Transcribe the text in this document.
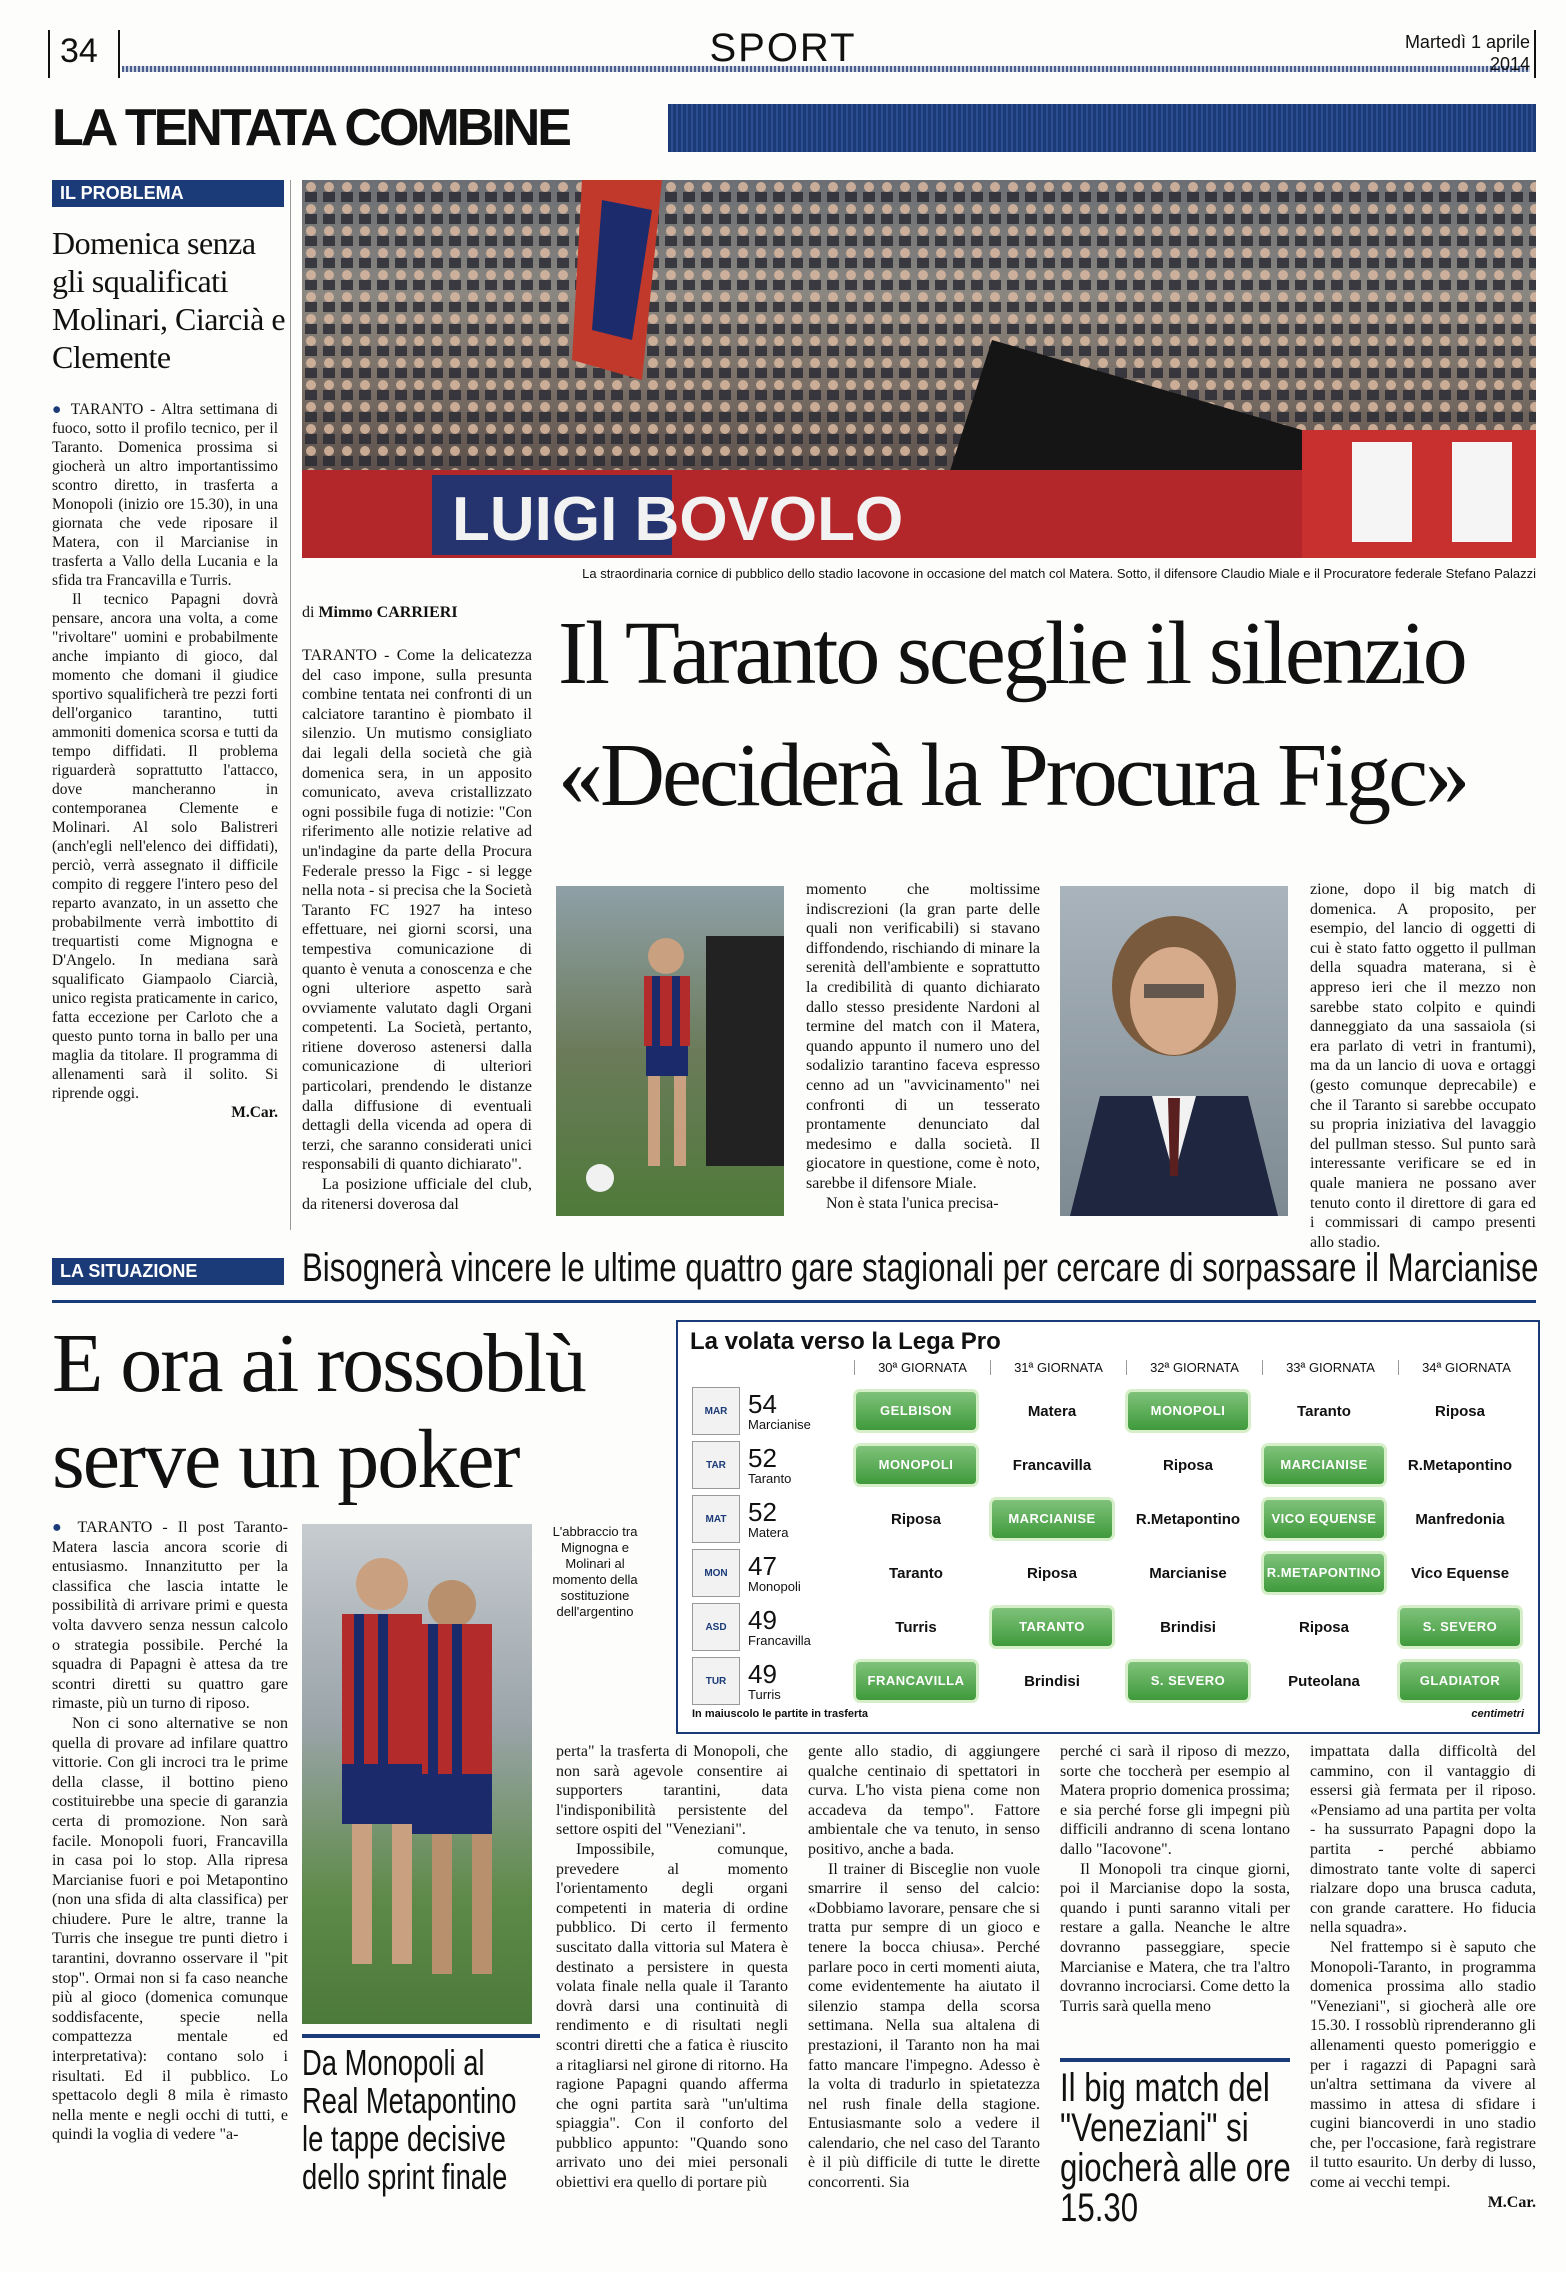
34	SPORT	Martedì 1 aprile
2014
LA TENTATA COMBINE
IL PROBLEMA
Domenica senza gli squalificati Molinari, Ciarcià e Clemente

● TARANTO - Altra settimana di fuoco, sotto il profilo tecnico, per il Taranto. Domenica prossima si giocherà un altro importantissimo scontro diretto, in trasferta a Monopoli (inizio ore 15.30), in una giornata che vede riposare il Matera, con il Marcianise in trasferta a Vallo della Lucania e la sfida tra Francavilla e Turris.

Il tecnico Papagni dovrà pensare, ancora una volta, a come "rivoltare" uomini e probabilmente anche impianto di gioco, dal momento che domani il giudice sportivo squalificherà tre pezzi forti dell'organico tarantino, tutti ammoniti domenica scorsa e tutti da tempo diffidati. Il problema riguarderà soprattutto l'attacco, dove mancheranno in contemporanea Clemente e Molinari. Al solo Balistreri (anch'egli nell'elenco dei diffidati), perciò, verrà assegnato il difficile compito di reggere l'intero peso del reparto avanzato, in un assetto che probabilmente verrà imbottito di trequartisti come Mignogna e D'Angelo. In mediana sarà squalificato Giampaolo Ciarcià, unico regista praticamente in carico, fatta eccezione per Carloto che a questo punto torna in ballo per una maglia da titolare. Il programma di allenamenti sarà il solito. Si riprende oggi.

M.Car.
LUIGI BOVOLO
La straordinaria cornice di pubblico dello stadio Iacovone in occasione del match col Matera. Sotto, il difensore Claudio Miale e il Procuratore federale Stefano Palazzi
di Mimmo CARRIERI Il Taranto sceglie il silenzio
«Deciderà la Procura Figc»

TARANTO - Come la delicatezza del caso impone, sulla presunta combine tentata nei confronti di un calciatore tarantino è piombato il silenzio. Un mutismo consigliato dai legali della società che già domenica sera, in un apposito comunicato, aveva cristallizzato ogni possibile fuga di notizie: "Con riferimento alle notizie relative ad un'indagine da parte della Procura Federale presso la Figc - si legge nella nota - si precisa che la Società Taranto FC 1927 ha inteso effettuare, nei giorni scorsi, una tempestiva comunicazione di quanto è venuta a conoscenza e che ogni ulteriore aspetto sarà ovviamente valutato dagli Organi competenti. La Società, pertanto, ritiene doveroso astenersi dalla comunicazione di ulteriori particolari, prendendo le distanze dalla diffusione di eventuali dettagli della vicenda ad opera di terzi, che saranno considerati unici responsabili di quanto dichiarato".

La posizione ufficiale del club, da ritenersi doverosa dal

momento che moltissime indiscrezioni (la gran parte delle quali non verificabili) si stavano diffondendo, rischiando di minare la serenità dell'ambiente e soprattutto la credibilità di quanto dichiarato dallo stesso presidente Nardoni al termine del match con il Matera, quando appunto il numero uno del sodalizio tarantino faceva espresso cenno ad un "avvicinamento" nei confronti di un tesserato prontamente denunciato dal medesimo e dalla società. Il giocatore in questione, come è noto, sarebbe il difensore Miale.

Non è stata l'unica precisa-

zione, dopo il big match di domenica. A proposito, per esempio, del lancio di oggetti di cui è stato fatto oggetto il pullman della squadra materana, si è appreso ieri che il mezzo non sarebbe stato colpito e quindi danneggiato da una sassaiola (si era parlato di vetri in frantumi), ma da un lancio di uova e ortaggi (gesto comunque deprecabile) e che il Taranto si sarebbe occupato su propria iniziativa del lavaggio del pullman stesso. Sul punto sarà interessante verificare se ed in quale maniera ne possano aver tenuto conto il direttore di gara ed i commissari di campo presenti allo stadio.

LA SITUAZIONE	Bisognerà vincere le ultime quattro gare stagionali per cercare di sorpassare il Marcianise
E ora ai rossoblù serve un poker
La volata verso la Lega Pro
30ª GIORNATA	31ª GIORNATA	32ª GIORNATA	33ª GIORNATA	34ª GIORNATA
MAR 54
Marcianise
GELBISON	Matera	MONOPOLI	Taranto	Riposa
TAR 52
Taranto
MONOPOLI	Francavilla	Riposa	MARCIANISE	R.Metapontino
MAT 52
Matera
Riposa	MARCIANISE	R.Metapontino	VICO EQUENSE	Manfredonia
MON 47
Monopoli
Taranto	Riposa	Marcianise	R.METAPONTINO	Vico Equense
ASD 49
Francavilla
Turris	TARANTO	Brindisi	Riposa	S. SEVERO
TUR 49
Turris
FRANCAVILLA	Brindisi	S. SEVERO	Puteolana	GLADIATOR
In maiuscolo le partite in trasferta	centimetri

● TARANTO - Il post Taranto-Matera lascia ancora scorie di entusiasmo. Innanzitutto per la classifica che lascia intatte le possibilità di arrivare primi e questa volta davvero senza nessun calcolo o strategia possibile. Perché la squadra di Papagni è attesa da tre scontri diretti su quattro gare rimaste, più un turno di riposo.

Non ci sono alternative se non quella di provare ad infilare quattro vittorie. Con gli incroci tra le prime della classe, il bottino pieno costituirebbe una specie di garanzia certa di promozione. Non sarà facile. Monopoli fuori, Francavilla in casa poi lo stop. Alla ripresa Marcianise fuori e poi Metapontino (non una sfida di alta classifica) per chiudere. Pure le altre, tranne la Turris che insegue tre punti dietro i tarantini, dovranno osservare il "pit stop". Ormai non si fa caso neanche più al gioco (domenica comunque soddisfacente, specie nella compattezza mentale ed interpretativa): contano solo i risultati. Ed il pubblico. Lo spettacolo degli 8 mila è rimasto nella mente e negli occhi di tutti, e quindi la voglia di vedere "a-

L'abbraccio tra Mignogna e Molinari al momento della sostituzione dell'argentino
Da Monopoli al Real Metapontino le tappe decisive dello sprint finale

perta" la trasferta di Monopoli, che non sarà agevole consentire ai supporters tarantini, data l'indisponibilità persistente del settore ospiti del "Veneziani".

Impossibile, comunque, prevedere al momento l'orientamento degli organi competenti in materia di ordine pubblico. Di certo il fermento suscitato dalla vittoria sul Matera è destinato a persistere in questa volata finale nella quale il Taranto dovrà darsi una continuità di rendimento e di risultati negli scontri diretti che a fatica è riuscito a ritagliarsi nel girone di ritorno. Ha ragione Papagni quando afferma che ogni partita sarà "un'ultima spiaggia". Con il conforto del pubblico appunto: "Quando sono arrivato uno dei miei personali obiettivi era quello di portare più

gente allo stadio, di aggiungere qualche centinaio di spettatori in curva. L'ho vista piena come non accadeva da tempo". Fattore ambientale che va tenuto, in senso positivo, anche a bada.

Il trainer di Bisceglie non vuole smarrire il senso del calcio: «Dobbiamo lavorare, pensare che si tratta pur sempre di un gioco e tenere la bocca chiusa». Perché parlare poco in certi momenti aiuta, come evidentemente ha aiutato il silenzio stampa della scorsa settimana. Nella sua altalena di prestazioni, il Taranto non ha mai fatto mancare l'impegno. Adesso è la volta di tradurlo in spietatezza nel rush finale della stagione. Entusiasmante solo a vedere il calendario, che nel caso del Taranto è il più difficile di tutte le dirette concorrenti. Sia

perché ci sarà il riposo di mezzo, sorte che toccherà per esempio al Matera proprio domenica prossima; e sia perché forse gli impegni più difficili andranno di scena lontano dallo "Iacovone".

Il Monopoli tra cinque giorni, poi il Marcianise dopo la sosta, quando i punti saranno vitali per restare a galla. Neanche le altre dovranno passeggiare, specie Marcianise e Matera, che tra l'altro dovranno incrociarsi. Come detto la Turris sarà quella meno

Il big match del "Veneziani" si giocherà alle ore 15.30

impattata dalla difficoltà del cammino, con il vantaggio di essersi già fermata per il riposo. «Pensiamo ad una partita per volta - ha sussurrato Papagni dopo la partita - perché abbiamo dimostrato tante volte di saperci rialzare dopo una brusca caduta, con grande carattere. Ho fiducia nella squadra».

Nel frattempo si è saputo che Monopoli-Taranto, in programma domenica prossima allo stadio "Veneziani", si giocherà alle ore 15.30. I rossoblù riprenderanno gli allenamenti questo pomeriggio e per i ragazzi di Papagni sarà un'altra settimana da vivere al massimo in attesa di sfidare i cugini biancoverdi in uno stadio che, per l'occasione, farà registrare il tutto esaurito. Un derby di lusso, come ai vecchi tempi.

M.Car.
